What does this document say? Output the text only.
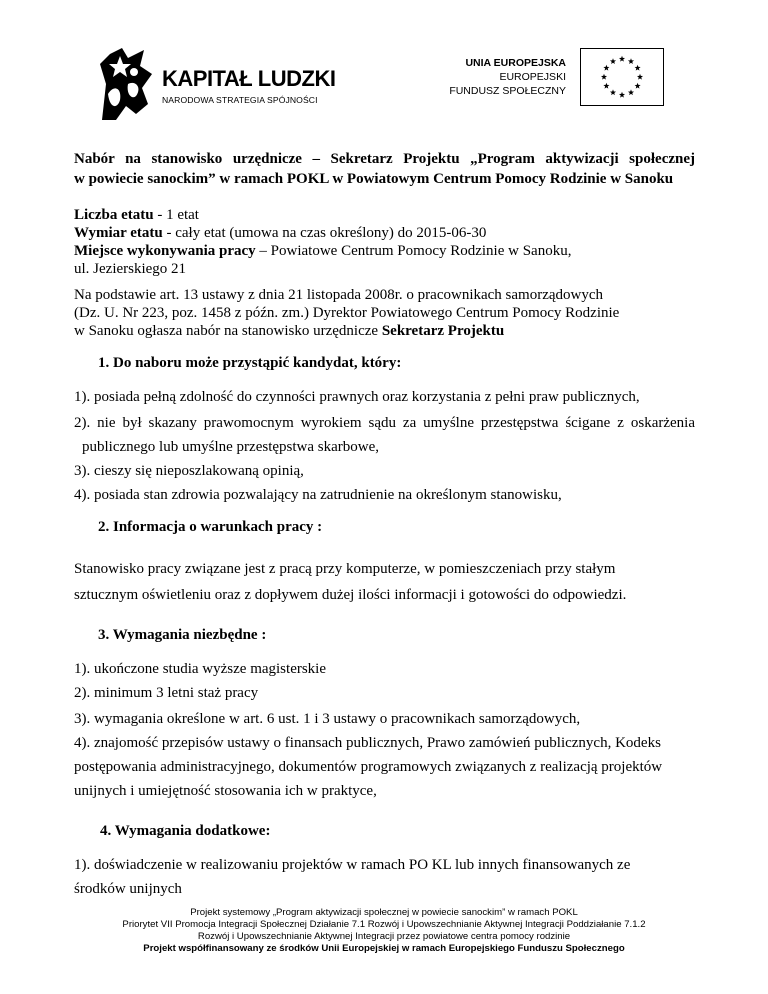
KAPITAŁ LUDZKI
NARODOWA STRATEGIA SPÓJNOŚCI
UNIA EUROPEJSKA
EUROPEJSKI
FUNDUSZ SPOŁECZNY
Nabór na stanowisko urzędnicze – Sekretarz Projektu „Program aktywizacji społecznej
w powiecie sanockim” w ramach POKL w Powiatowym Centrum Pomocy Rodzinie w Sanoku
Liczba etatu - 1 etat
Wymiar etatu - cały etat (umowa na czas określony) do 2015-06-30
Miejsce wykonywania pracy – Powiatowe Centrum Pomocy Rodzinie w Sanoku,
ul. Jezierskiego 21
Na podstawie art. 13 ustawy z dnia 21 listopada 2008r. o pracownikach samorządowych
(Dz. U. Nr 223, poz. 1458 z późn. zm.) Dyrektor Powiatowego Centrum Pomocy Rodzinie
w Sanoku ogłasza nabór na stanowisko urzędnicze Sekretarz Projektu
1. Do naboru może przystąpić kandydat, który:
1). posiada pełną zdolność do czynności prawnych oraz korzystania z pełni praw publicznych,
2). nie był skazany prawomocnym wyrokiem sądu za umyślne przestępstwa ścigane z oskarżenia
publicznego lub umyślne przestępstwa skarbowe,
3). cieszy się nieposzlakowaną opinią,
4). posiada stan zdrowia pozwalający na zatrudnienie na określonym stanowisku,
2. Informacja o warunkach pracy :
Stanowisko pracy związane jest z pracą przy komputerze, w pomieszczeniach przy stałym
sztucznym oświetleniu oraz z dopływem dużej ilości informacji i gotowości do odpowiedzi.
3. Wymagania niezbędne :
1). ukończone studia wyższe magisterskie
2). minimum 3 letni staż pracy
3). wymagania określone w art. 6 ust. 1 i 3 ustawy o pracownikach samorządowych,
4). znajomość przepisów ustawy o finansach publicznych, Prawo zamówień publicznych, Kodeks
postępowania administracyjnego, dokumentów programowych związanych z realizacją projektów
unijnych i umiejętność stosowania ich w praktyce,
4. Wymagania dodatkowe:
1). doświadczenie w realizowaniu projektów w ramach PO KL lub innych finansowanych ze
środków unijnych
Projekt systemowy „Program aktywizacji społecznej w powiecie sanockim” w ramach POKL
Priorytet VII Promocja Integracji Społecznej Działanie 7.1 Rozwój i Upowszechnianie Aktywnej Integracji Poddziałanie 7.1.2
Rozwój i Upowszechnianie Aktywnej Integracji przez powiatowe centra pomocy rodzinie
Projekt współfinansowany ze środków Unii Europejskiej w ramach Europejskiego Funduszu Społecznego
